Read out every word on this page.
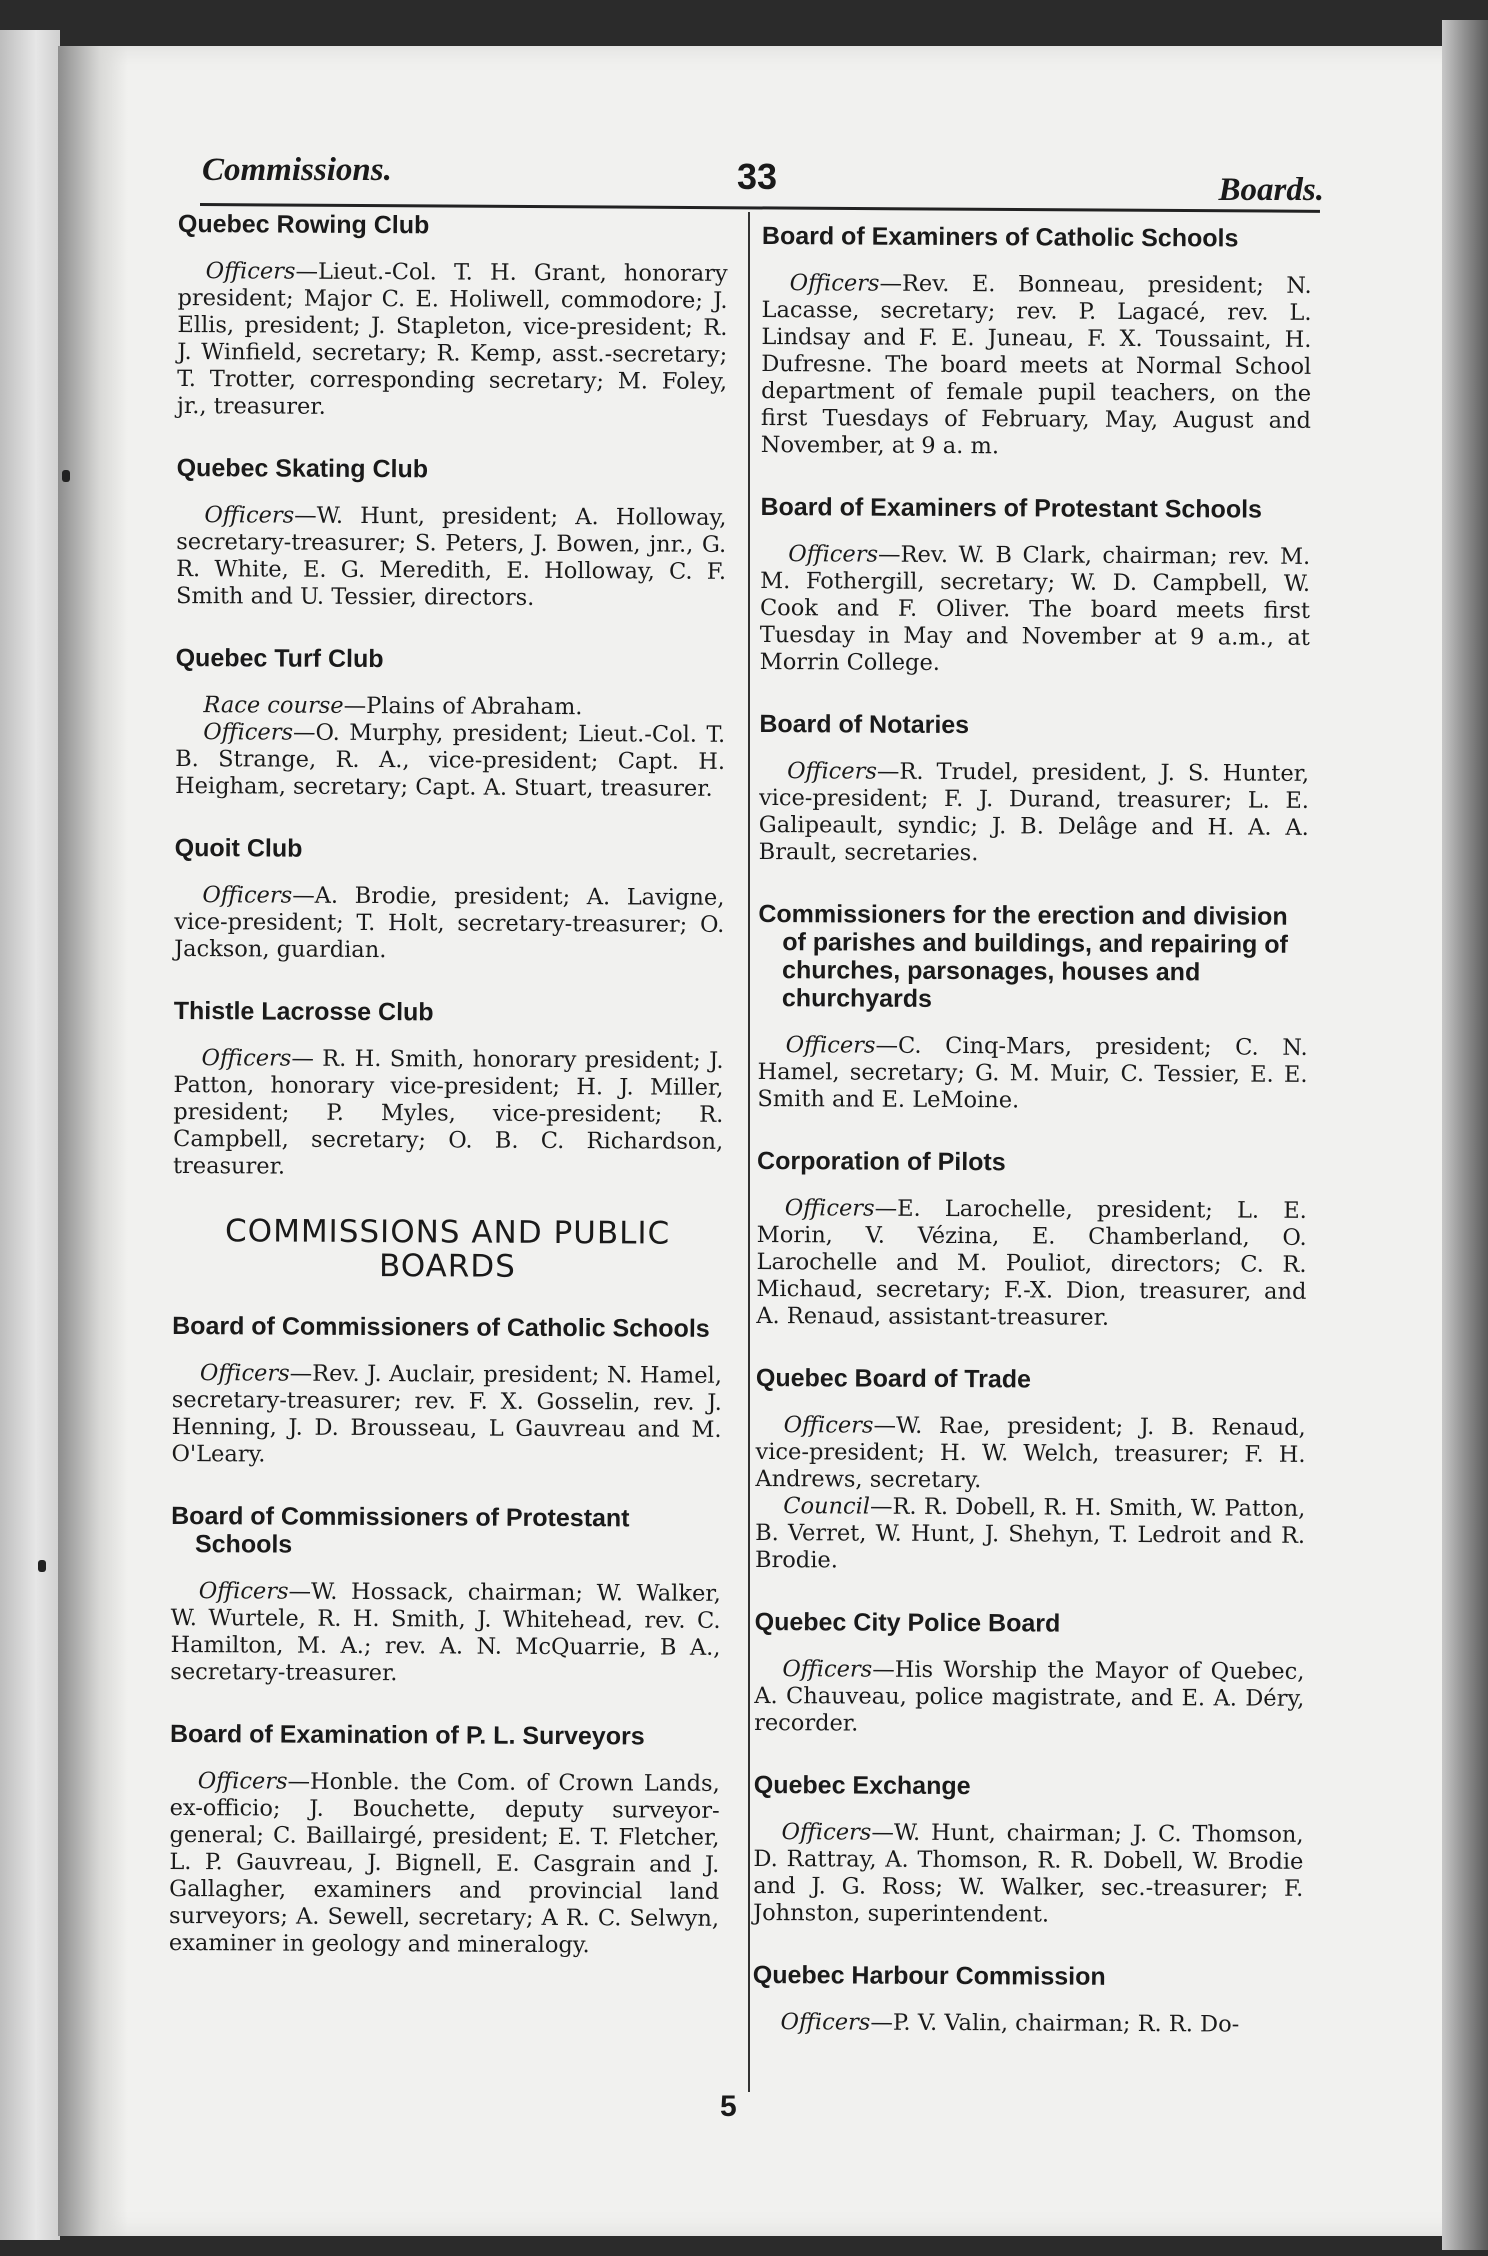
Commissions.	33	Boards.
Quebec Rowing Club

Officers—Lieut.-Col. T. H. Grant, honorary president; Major C. E. Holiwell, commodore; J. Ellis, president; J. Stapleton, vice-president; R. J. Winfield, secretary; R. Kemp, asst.-secretary; T. Trotter, corresponding secretary; M. Foley, jr., treasurer.

Quebec Skating Club

Officers—W. Hunt, president; A. Holloway, secretary-treasurer; S. Peters, J. Bowen, jnr., G. R. White, E. G. Meredith, E. Holloway, C. F. Smith and U. Tessier, directors.

Quebec Turf Club

Race course—Plains of Abraham.

Officers—O. Murphy, president; Lieut.-Col. T. B. Strange, R. A., vice-president; Capt. H. Heigham, secretary; Capt. A. Stuart, treasurer.

Quoit Club

Officers—A. Brodie, president; A. Lavigne, vice-president; T. Holt, secretary-treasurer; O. Jackson, guardian.

Thistle Lacrosse Club

Officers— R. H. Smith, honorary president; J. Patton, honorary vice-president; H. J. Miller, president; P. Myles, vice-president; R. Campbell, secretary; O. B. C. Richardson, treasurer.

COMMISSIONS AND PUBLIC BOARDS
Board of Commissioners of Catholic Schools

Officers—Rev. J. Auclair, president; N. Hamel, secretary-treasurer; rev. F. X. Gosselin, rev. J. Henning, J. D. Brousseau, L Gauvreau and M. O'Leary.

Board of Commissioners of Protestant Schools

Officers—W. Hossack, chairman; W. Walker, W. Wurtele, R. H. Smith, J. Whitehead, rev. C. Hamilton, M. A.; rev. A. N. McQuarrie, B A., secretary-treasurer.

Board of Examination of P. L. Surveyors

Officers—Honble. the Com. of Crown Lands, ex-officio; J. Bouchette, deputy surveyor-general; C. Baillairgé, president; E. T. Fletcher, L. P. Gauvreau, J. Bignell, E. Casgrain and J. Gallagher, examiners and provincial land surveyors; A. Sewell, secretary; A R. C. Selwyn, examiner in geology and mineralogy.

Board of Examiners of Catholic Schools

Officers—Rev. E. Bonneau, president; N. Lacasse, secretary; rev. P. Lagacé, rev. L. Lindsay and F. E. Juneau, F. X. Toussaint, H. Dufresne. The board meets at Normal School department of female pupil teachers, on the first Tuesdays of February, May, August and November, at 9 a. m.

Board of Examiners of Protestant Schools

Officers—Rev. W. B Clark, chairman; rev. M. M. Fothergill, secretary; W. D. Campbell, W. Cook and F. Oliver. The board meets first Tuesday in May and November at 9 a.m., at Morrin College.

Board of Notaries

Officers—R. Trudel, president, J. S. Hunter, vice-president; F. J. Durand, treasurer; L. E. Galipeault, syndic; J. B. Delâge and H. A. A. Brault, secretaries.

Commissioners for the erection and division of parishes and buildings, and repairing of churches, parsonages, houses and churchyards

Officers—C. Cinq-Mars, president; C. N. Hamel, secretary; G. M. Muir, C. Tessier, E. E. Smith and E. LeMoine.

Corporation of Pilots

Officers—E. Larochelle, president; L. E. Morin, V. Vézina, E. Chamberland, O. Larochelle and M. Pouliot, directors; C. R. Michaud, secretary; F.-X. Dion, treasurer, and A. Renaud, assistant-treasurer.

Quebec Board of Trade

Officers—W. Rae, president; J. B. Renaud, vice-president; H. W. Welch, treasurer; F. H. Andrews, secretary.

Council—R. R. Dobell, R. H. Smith, W. Patton, B. Verret, W. Hunt, J. Shehyn, T. Ledroit and R. Brodie.

Quebec City Police Board

Officers—His Worship the Mayor of Quebec, A. Chauveau, police magistrate, and E. A. Déry, recorder.

Quebec Exchange

Officers—W. Hunt, chairman; J. C. Thomson, D. Rattray, A. Thomson, R. R. Dobell, W. Brodie and J. G. Ross; W. Walker, sec.-treasurer; F. Johnston, superintendent.

Quebec Harbour Commission

Officers—P. V. Valin, chairman; R. R. Do-

5
